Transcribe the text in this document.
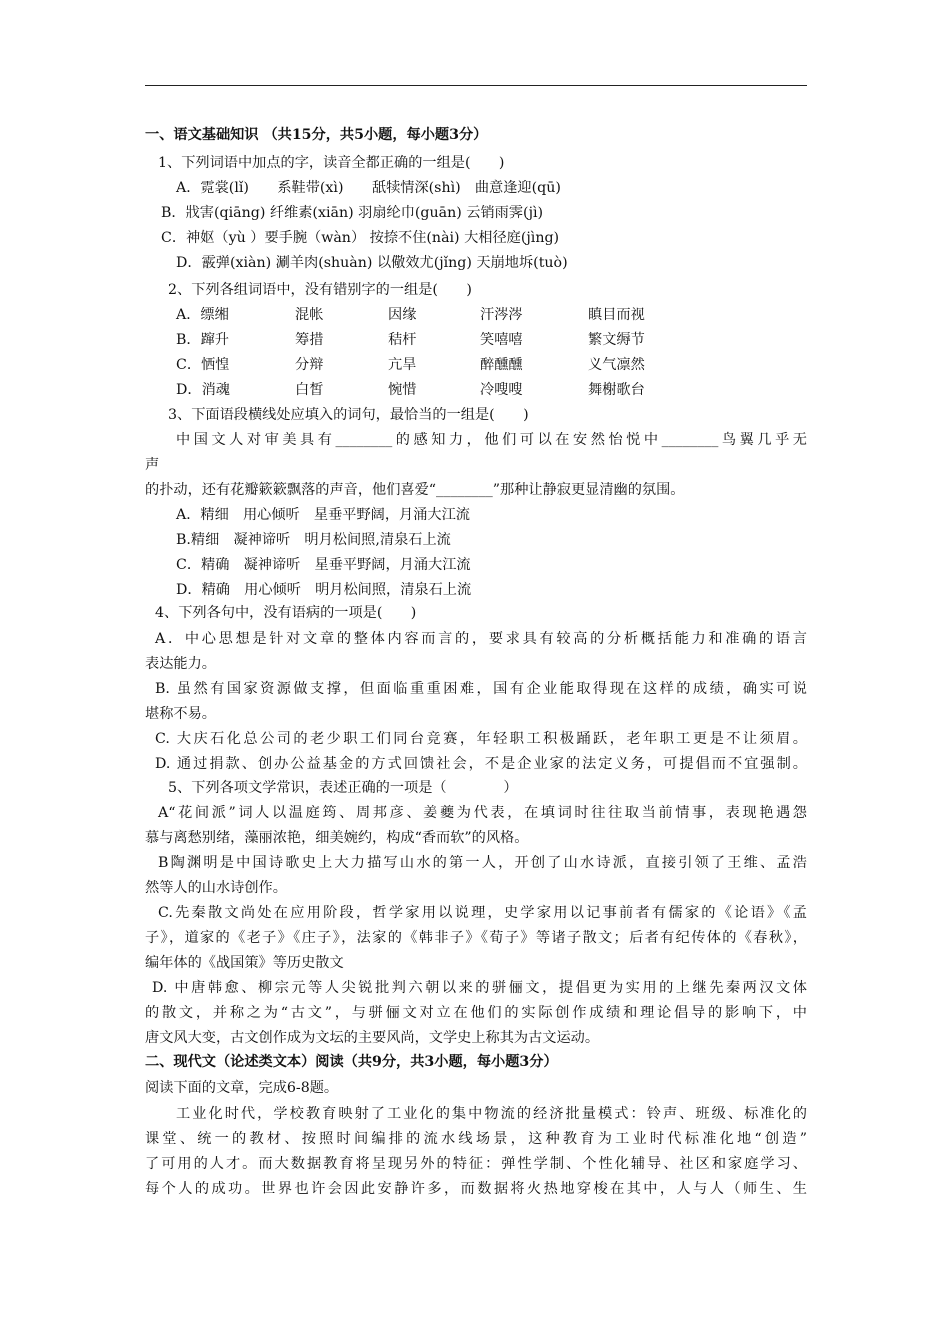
一、语文基础知识 （共15分，共5小题，每小题3分）
1、下列词语中加点的字，读音全都正确的一组是(　　)
A．霓裳(lǐ)　　系鞋带(xì)　　舐犊情深(shì)　曲意逢迎(qū)
B．戕害(qiāng) 纤维素(xiān) 羽扇纶巾(guān) 云销雨霁(jì)
C．神妪（yù ）要手腕（wàn） 按捺不住(nài) 大相径庭(jìng)
D．霰弹(xiàn) 涮羊肉(shuàn) 以儆效尤(jǐng) 天崩地坼(tuò)
2、下列各组词语中，没有错别字的一组是(　　)
A．缥缃	混帐	因缘	汗涔涔	瞋目而视
B．蹿升	筹措	秸杆	笑嘻嘻	繁文缛节
C．恓惶	分辩	亢旱	醉醺醺	义气凛然
D．消魂	白皙	惋惜	冷嗖嗖	舞榭歌台
3、下面语段横线处应填入的词句，最恰当的一组是(　　)
中国文人对审美具有________的感知力，他们可以在安然怡悦中________鸟翼几乎无
声
的扑动，还有花瓣簌簌飘落的声音，他们喜爱“________”那种让静寂更显清幽的氛围。
A．精细　用心倾听　星垂平野阔，月涌大江流
B.精细　凝神谛听　明月松间照,清泉石上流
C．精确　凝神谛听　星垂平野阔，月涌大江流
D．精确　用心倾听　明月松间照，清泉石上流
4、下列各句中，没有语病的一项是(　　)
A．中心思想是针对文章的整体内容而言的，要求具有较高的分析概括能力和准确的语言
表达能力。
B. 虽然有国家资源做支撑，但面临重重困难，国有企业能取得现在这样的成绩，确实可说
堪称不易。
C. 大庆石化总公司的老少职工们同台竞赛，年轻职工积极踊跃，老年职工更是不让须眉。
D. 通过捐款、创办公益基金的方式回馈社会，不是企业家的法定义务，可提倡而不宜强制。
5、下列各项文学常识，表述正确的一项是（　　　　）
A“花间派”词人以温庭筠、周邦彦、姜夔为代表，在填词时往往取当前情事，表现艳遇怨
慕与离愁别绪，藻丽浓艳，细美婉约，构成“香而软”的风格。
B陶渊明是中国诗歌史上大力描写山水的第一人，开创了山水诗派，直接引领了王维、孟浩
然等人的山水诗创作。
C.先秦散文尚处在应用阶段，哲学家用以说理，史学家用以记事前者有儒家的《论语》《孟
子》，道家的《老子》《庄子》，法家的《韩非子》《荀子》等诸子散文；后者有纪传体的《春秋》，
编年体的《战国策》等历史散文
D. 中唐韩愈、柳宗元等人尖锐批判六朝以来的骈俪文，提倡更为实用的上继先秦两汉文体
的散文，并称之为“古文”，与骈俪文对立在他们的实际创作成绩和理论倡导的影响下，中
唐文风大变，古文创作成为文坛的主要风尚，文学史上称其为古文运动。
二、现代文（论述类文本）阅读（共9分，共3小题，每小题3分）
阅读下面的文章，完成6-8题。
工业化时代，学校教育映射了工业化的集中物流的经济批量模式：铃声、班级、标准化的
课堂、统一的教材、按照时间编排的流水线场景，这种教育为工业时代标准化地“创造”
了可用的人才。而大数据教育将呈现另外的特征：弹性学制、个性化辅导、社区和家庭学习、
每个人的成功。世界也许会因此安静许多，而数据将火热地穿梭在其中，人与人（师生、生
